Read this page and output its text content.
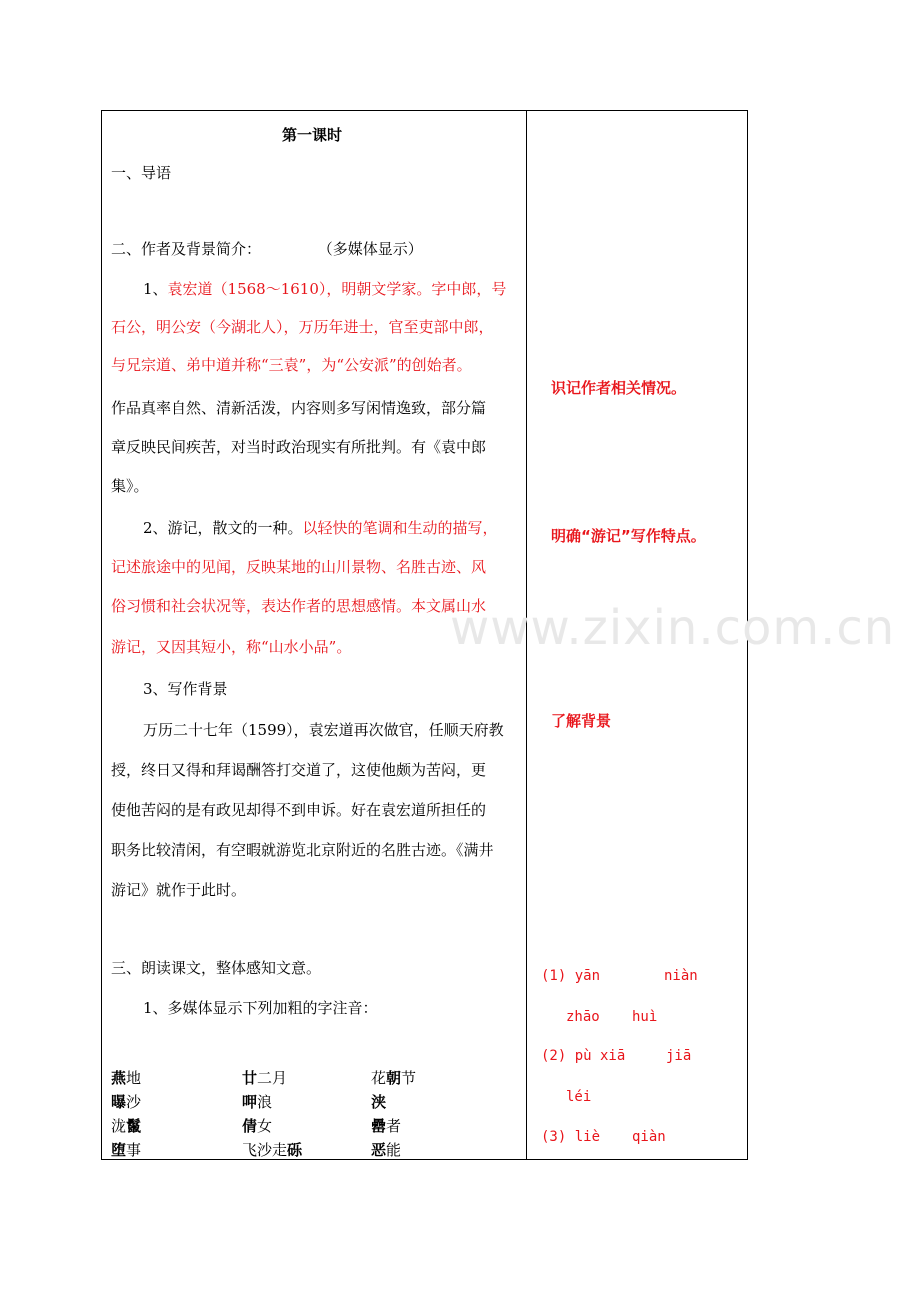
www.zixin.com.cn
第一课时
一、导语
二、作者及背景简介：	（多媒体显示）
1、袁宏道（1568～1610），明朝文学家。字中郎，号
石公，明公安（今湖北人），万历年进士，官至吏部中郎，
与兄宗道、弟中道并称“三袁”，为“公安派”的创始者。
作品真率自然、清新活泼，内容则多写闲情逸致，部分篇
章反映民间疾苦，对当时政治现实有所批判。有《袁中郎
集》。
2、游记，散文的一种。以轻快的笔调和生动的描写，
记述旅途中的见闻，反映某地的山川景物、名胜古迹、风
俗习惯和社会状况等，表达作者的思想感情。本文属山水
游记，又因其短小，称“山水小品”。
3、写作背景
万历二十七年（1599），袁宏道再次做官，任顺天府教
授，终日又得和拜谒酬答打交道了，这使他颇为苦闷，更
使他苦闷的是有政见却得不到申诉。好在袁宏道所担任的
职务比较清闲，有空暇就游览北京附近的名胜古迹。《满井
游记》就作于此时。
三、朗读课文，整体感知文意。
1、多媒体显示下列加粗的字注音：
燕地	廿二月	花朝节
曝沙	呷浪	浃
泷鬣	倩女	罍者
堕事	飞沙走砾	恶能
识记作者相关情况。
明确“游记”写作特点。
了解背景
(1) yān	niàn
zhāo huì
(2) pù xiā	jiā
léi
(3) liè qiàn
